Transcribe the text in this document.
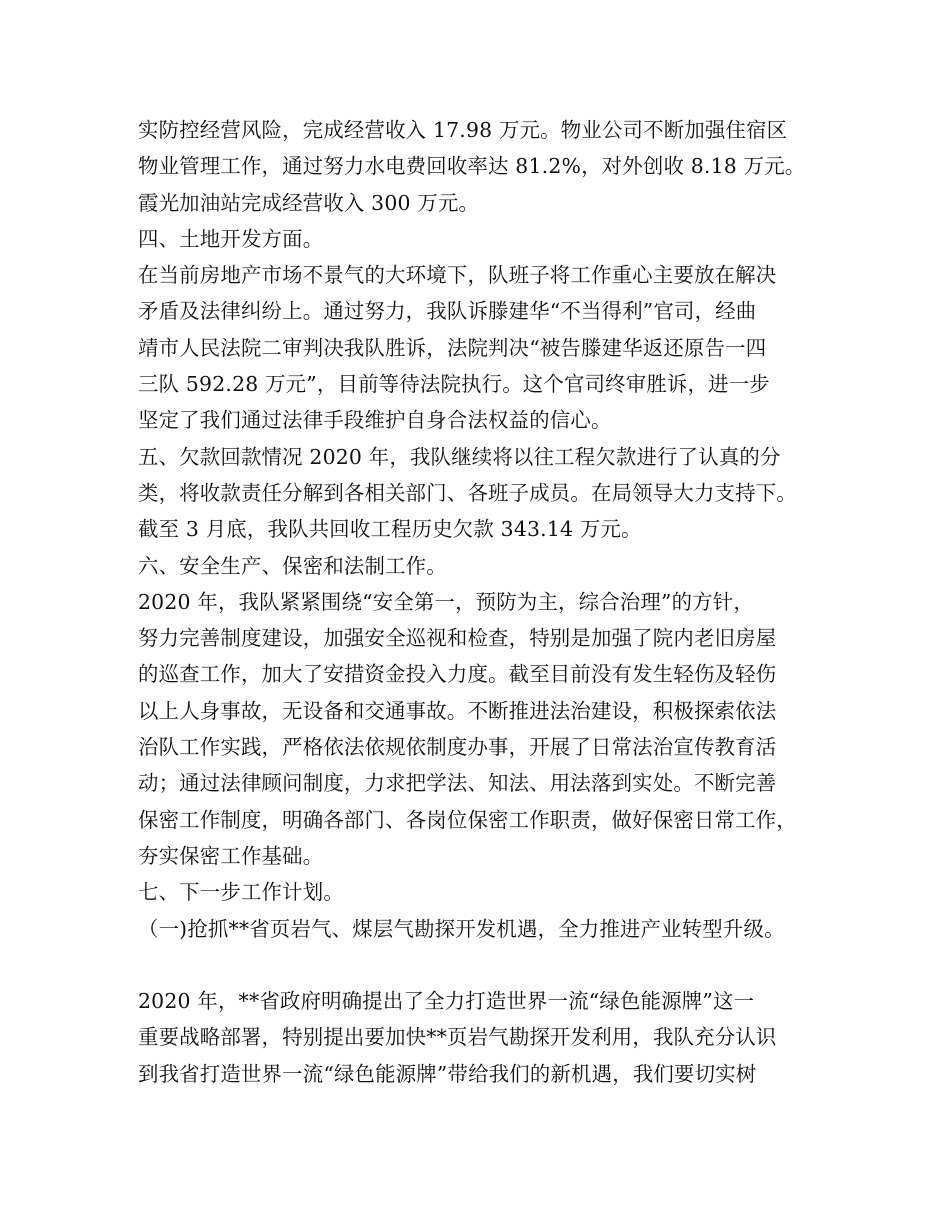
实防控经营风险，完成经营收入 17.98 万元。物业公司不断加强住宿区
物业管理工作，通过努力水电费回收率达 81.2%，对外创收 8.18 万元。
霞光加油站完成经营收入 300 万元。
四、土地开发方面。
在当前房地产市场不景气的大环境下，队班子将工作重心主要放在解决
矛盾及法律纠纷上。通过努力，我队诉滕建华“不当得利”官司，经曲
靖市人民法院二审判决我队胜诉，法院判决“被告滕建华返还原告一四
三队 592.28 万元”，目前等待法院执行。这个官司终审胜诉，进一步
坚定了我们通过法律手段维护自身合法权益的信心。
五、欠款回款情况 2020 年，我队继续将以往工程欠款进行了认真的分
类，将收款责任分解到各相关部门、各班子成员。在局领导大力支持下。
截至 3 月底，我队共回收工程历史欠款 343.14 万元。
六、安全生产、保密和法制工作。
2020 年，我队紧紧围绕“安全第一，预防为主，综合治理”的方针，
努力完善制度建设，加强安全巡视和检查，特别是加强了院内老旧房屋
的巡查工作，加大了安措资金投入力度。截至目前没有发生轻伤及轻伤
以上人身事故，无设备和交通事故。不断推进法治建设，积极探索依法
治队工作实践，严格依法依规依制度办事，开展了日常法治宣传教育活
动；通过法律顾问制度，力求把学法、知法、用法落到实处。不断完善
保密工作制度，明确各部门、各岗位保密工作职责，做好保密日常工作，
夯实保密工作基础。
七、下一步工作计划。
（一)抢抓**省页岩气、煤层气勘探开发机遇，全力推进产业转型升级。
2020 年，**省政府明确提出了全力打造世界一流“绿色能源牌”这一
重要战略部署，特别提出要加快**页岩气勘探开发利用，我队充分认识
到我省打造世界一流“绿色能源牌”带给我们的新机遇，我们要切实树
